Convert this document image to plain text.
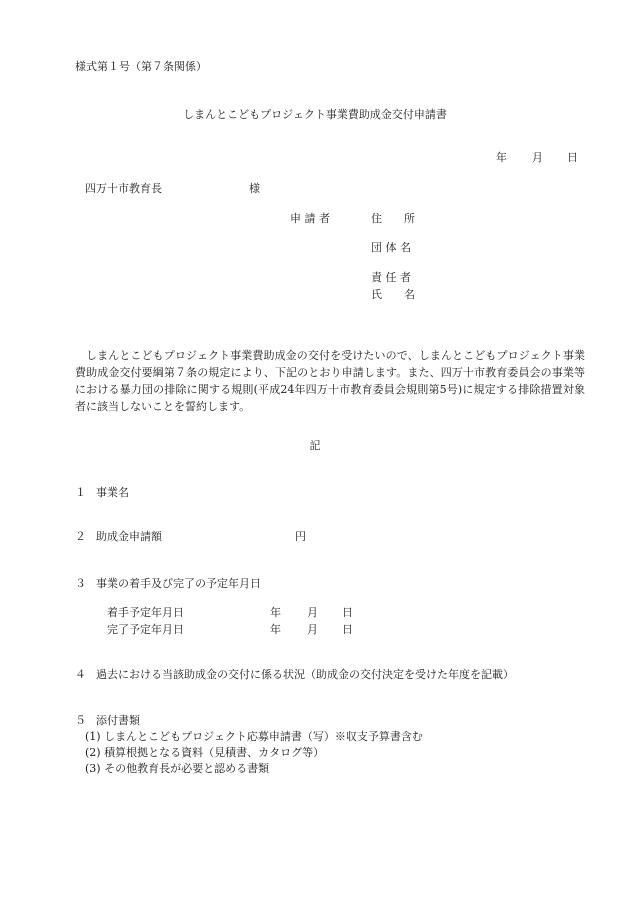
様式第１号（第７条関係）
しまんとこどもプロジェクト事業費助成金交付申請書
年 月 日
四万十市教育長	様
申 請 者	住　　所
団 体 名
責 任 者
氏　　名
しまんとこどもプロジェクト事業費助成金の交付を受けたいので、しまんとこどもプロジェクト事業費助成金交付要綱第７条の規定により、下記のとおり申請します。また、四万十市教育委員会の事業等における暴力団の排除に関する規則(平成24年四万十市教育委員会規則第5号)に規定する排除措置対象者に該当しないことを誓約します。
記
１ 事業名
２ 助成金申請額	円
３ 事業の着手及び完了の予定年月日
着手予定年月日	年 月 日
完了予定年月日	年 月 日
４ 過去における当該助成金の交付に係る状況（助成金の交付決定を受けた年度を記載）
５ 添付書類
(1) しまんとこどもプロジェクト応募申請書（写）※収支予算書含む
(2) 積算根拠となる資料（見積書、カタログ等）
(3) その他教育長が必要と認める書類
